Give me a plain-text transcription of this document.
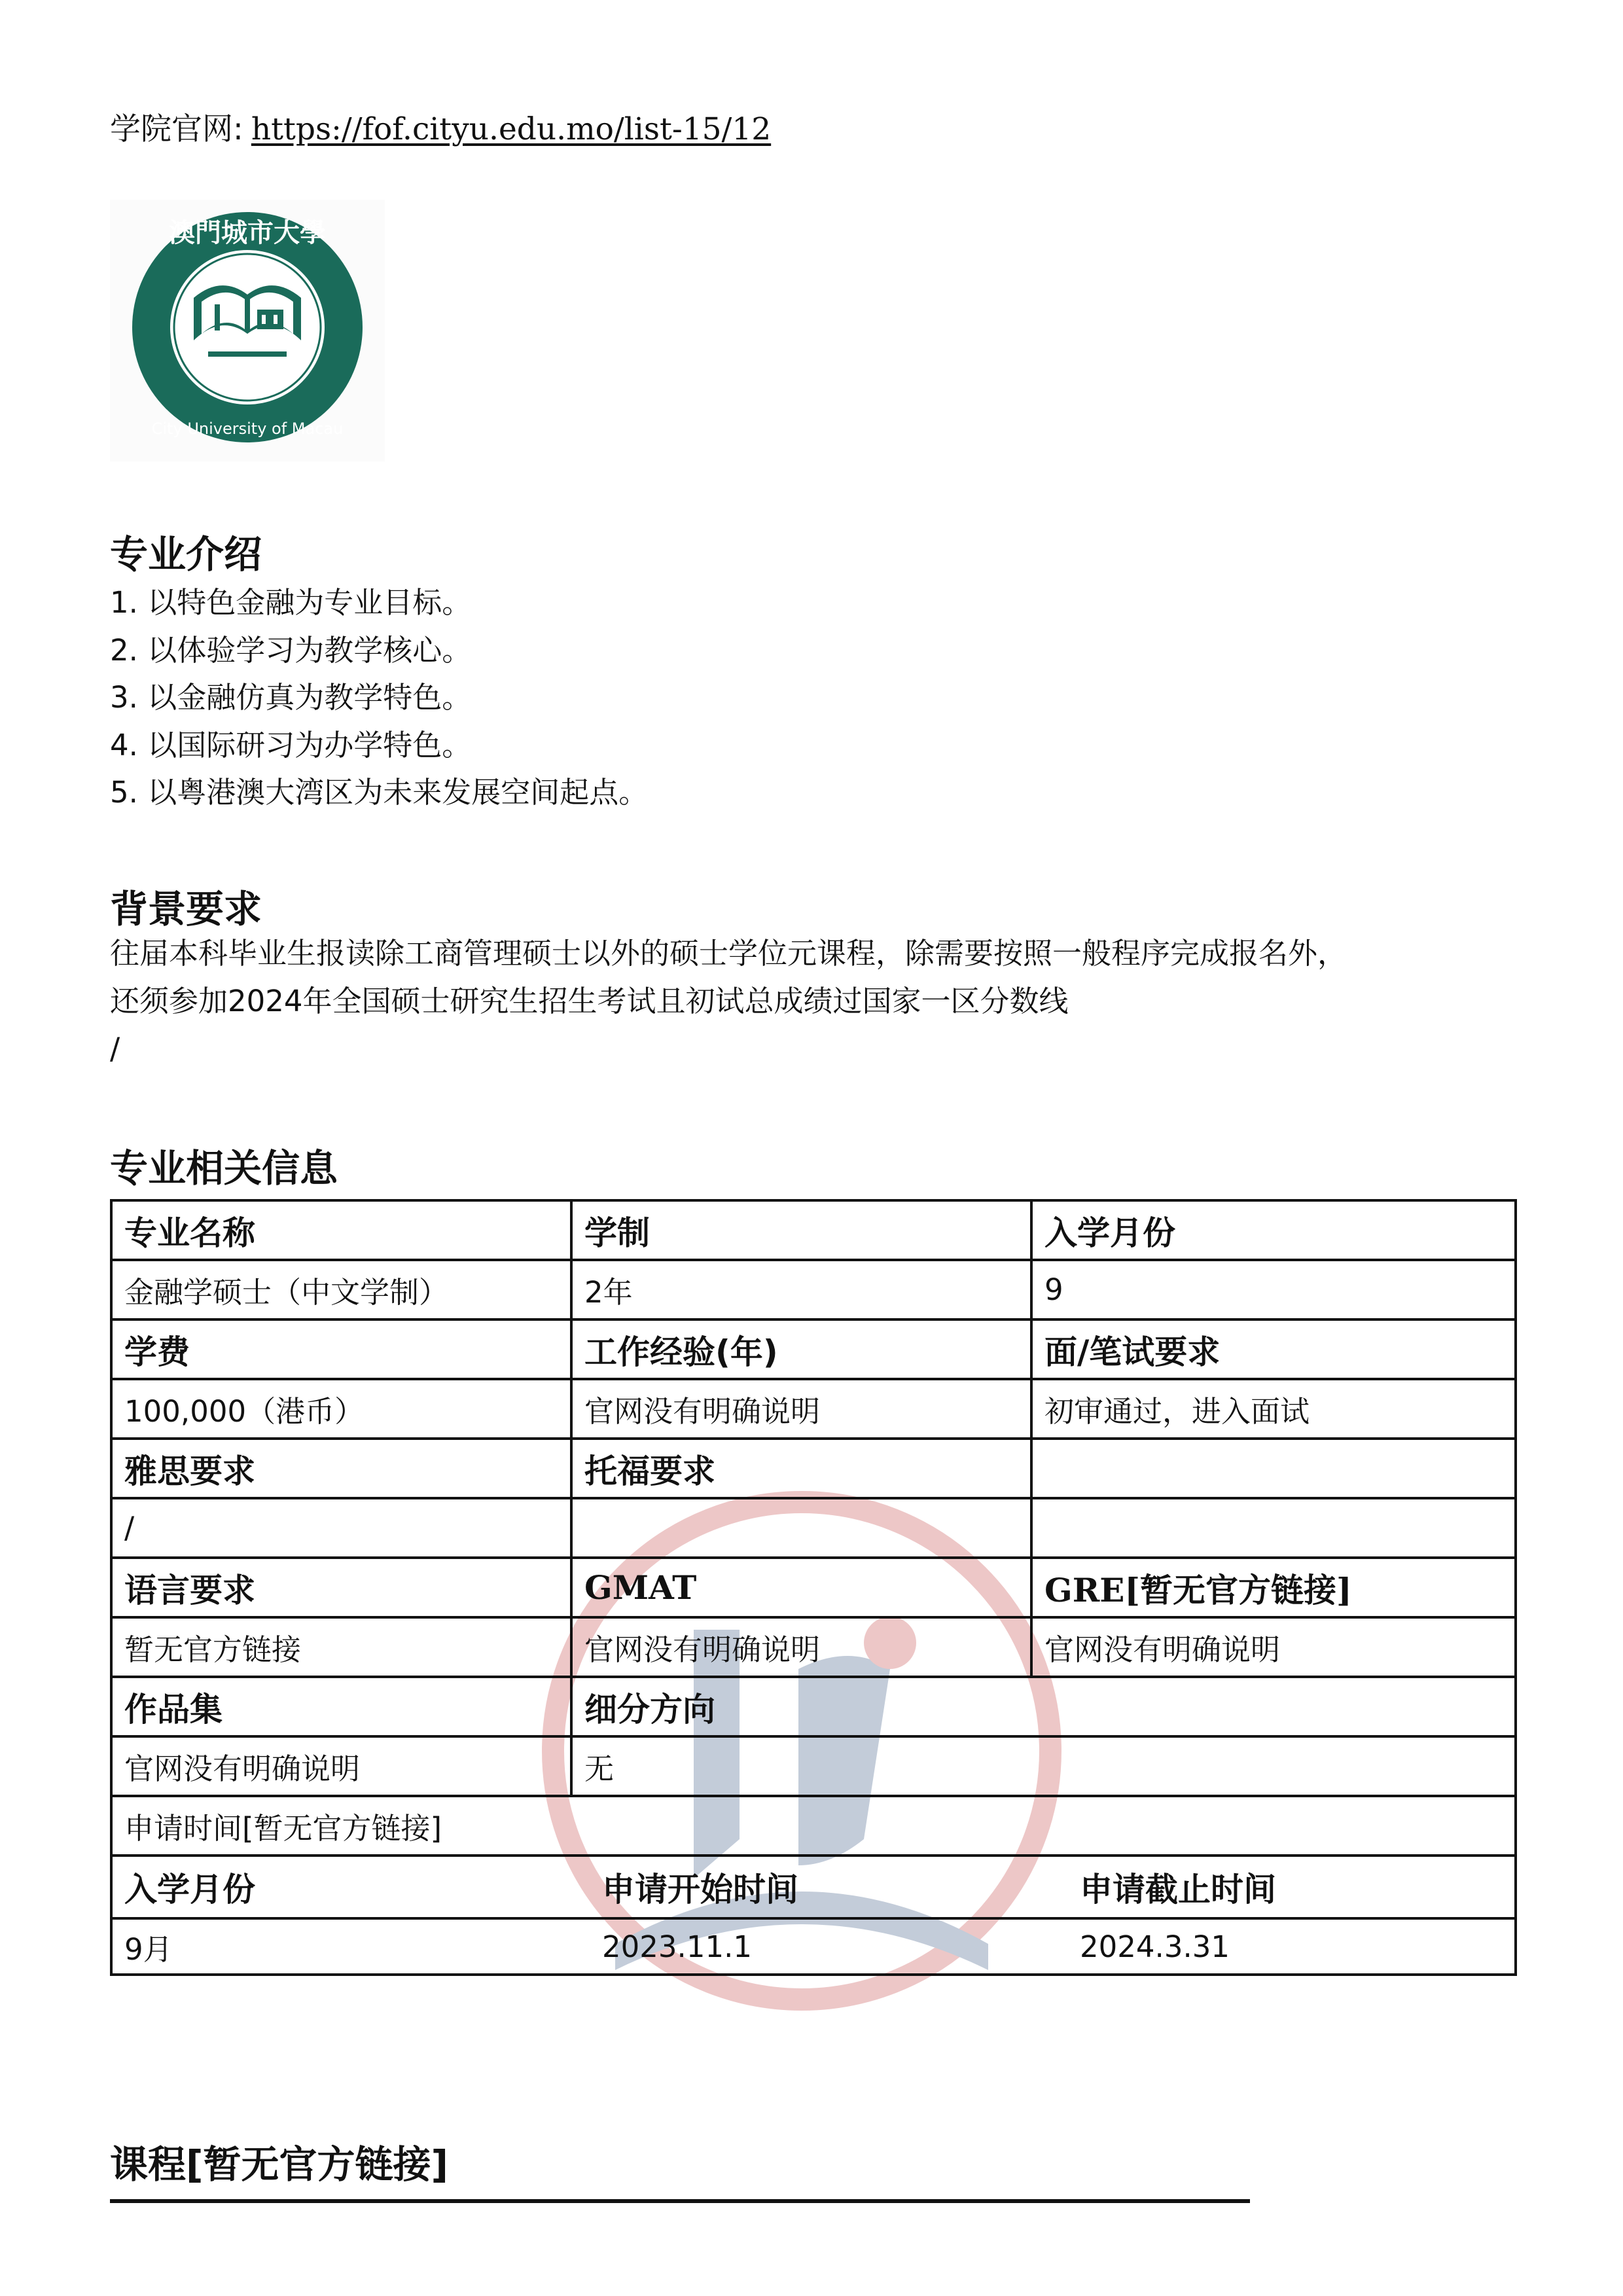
学院官网: https://fof.cityu.edu.mo/list-15/12
澳門城市大學
City University of Macau
专业介绍
1. 以特色金融为专业目标。
2. 以体验学习为教学核心。
3. 以金融仿真为教学特色。
4. 以国际研习为办学特色。
5. 以粤港澳大湾区为未来发展空间起点。
背景要求
往届本科毕业生报读除工商管理硕士以外的硕士学位元课程，除需要按照一般程序完成报名外，
还须参加2024年全国硕士研究生招生考试且初试总成绩过国家一区分数线
/
专业相关信息
专业名称	学制	入学月份
金融学硕士（中文学制）	2年	9
学费	工作经验(年)	面/笔试要求
100,000（港币）	官网没有明确说明	初审通过，进入面试
雅思要求	托福要求	
/		
语言要求	GMAT	GRE[暂无官方链接]
暂无官方链接	官网没有明确说明	官网没有明确说明
作品集	细分方向
官网没有明确说明	无
申请时间[暂无官方链接]

入学月份	申请开始时间	申请截止时间
9月	2023.11.1	2024.3.31
课程[暂无官方链接]
